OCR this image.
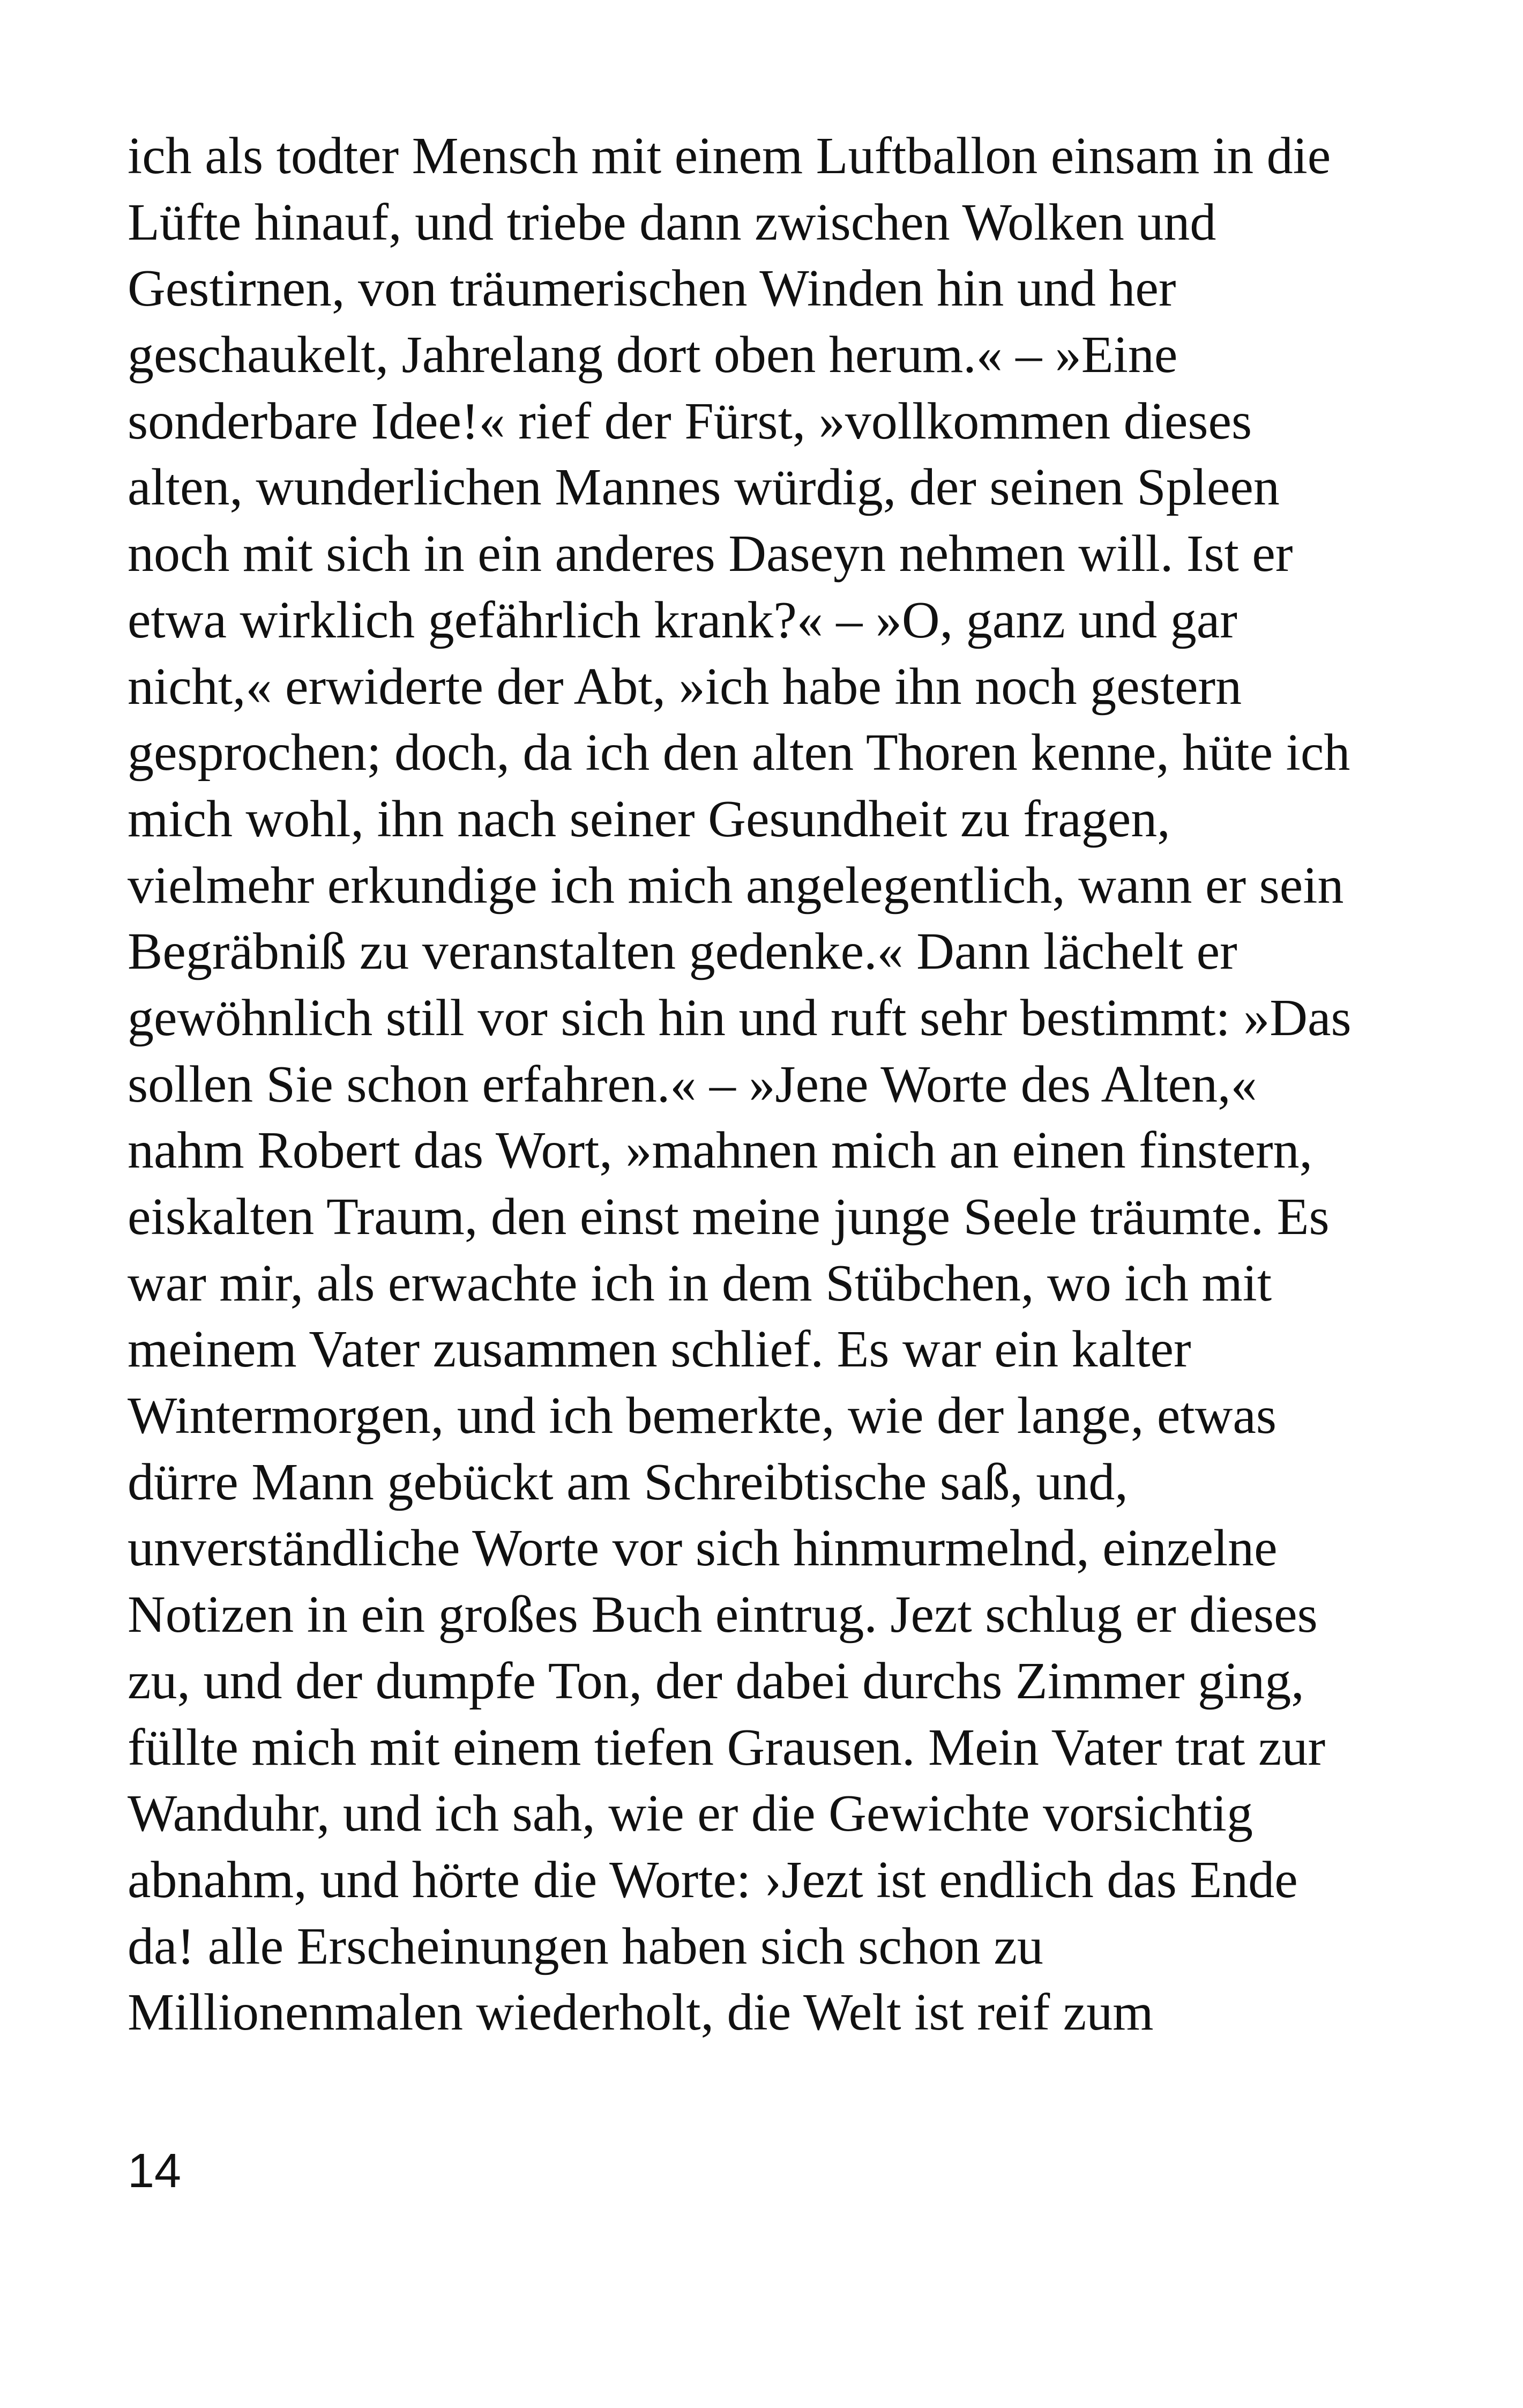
ich als todter Mensch mit einem Luftballon einsam in die
Lüfte hinauf, und triebe dann zwischen Wolken und
Gestirnen, von träumerischen Winden hin und her
geschaukelt, Jahrelang dort oben herum.« – »Eine
sonderbare Idee!« rief der Fürst, »vollkommen dieses
alten, wunderlichen Mannes würdig, der seinen Spleen
noch mit sich in ein anderes Daseyn nehmen will. Ist er
etwa wirklich gefährlich krank?« – »O, ganz und gar
nicht,« erwiderte der Abt, »ich habe ihn noch gestern
gesprochen; doch, da ich den alten Thoren kenne, hüte ich
mich wohl, ihn nach seiner Gesundheit zu fragen,
vielmehr erkundige ich mich angelegentlich, wann er sein
Begräbniß zu veranstalten gedenke.« Dann lächelt er
gewöhnlich still vor sich hin und ruft sehr bestimmt: »Das
sollen Sie schon erfahren.« – »Jene Worte des Alten,«
nahm Robert das Wort, »mahnen mich an einen finstern,
eiskalten Traum, den einst meine junge Seele träumte. Es
war mir, als erwachte ich in dem Stübchen, wo ich mit
meinem Vater zusammen schlief. Es war ein kalter
Wintermorgen, und ich bemerkte, wie der lange, etwas
dürre Mann gebückt am Schreibtische saß, und,
unverständliche Worte vor sich hinmurmelnd, einzelne
Notizen in ein großes Buch eintrug. Jezt schlug er dieses
zu, und der dumpfe Ton, der dabei durchs Zimmer ging,
füllte mich mit einem tiefen Grausen. Mein Vater trat zur
Wanduhr, und ich sah, wie er die Gewichte vorsichtig
abnahm, und hörte die Worte: ›Jezt ist endlich das Ende
da! alle Erscheinungen haben sich schon zu
Millionenmalen wiederholt, die Welt ist reif zum
14
